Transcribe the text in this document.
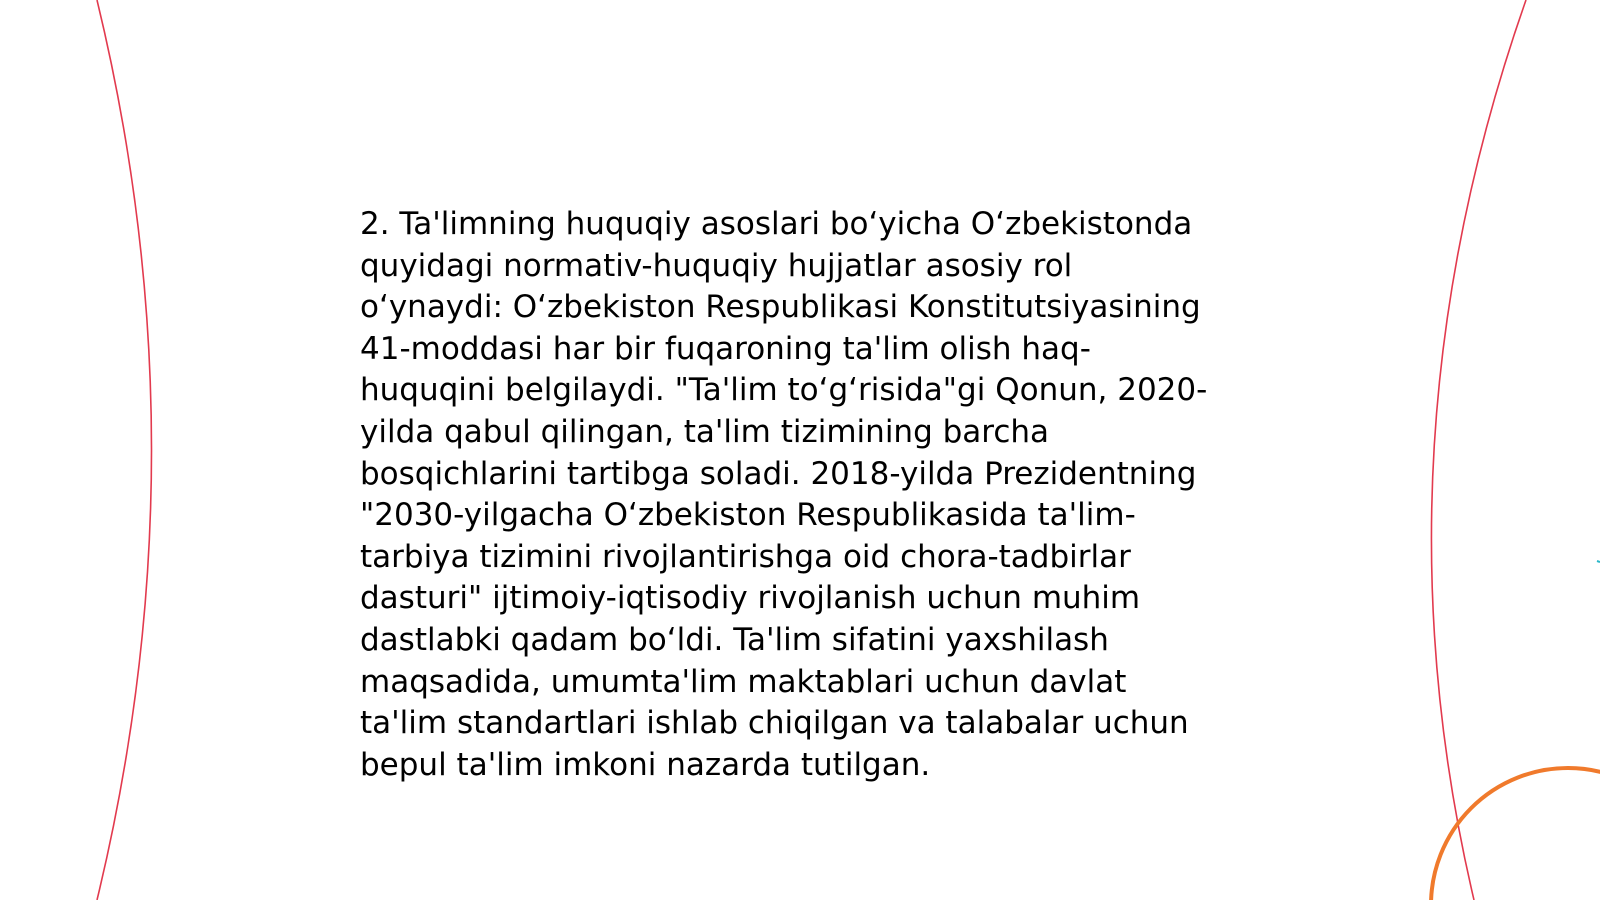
2. Ta'limning huquqiy asoslari bo‘yicha O‘zbekistonda
quyidagi normativ-huquqiy hujjatlar asosiy rol
o‘ynaydi: O‘zbekiston Respublikasi Konstitutsiyasining
41-moddasi har bir fuqaroning ta'lim olish haq-
huquqini belgilaydi. "Ta'lim to‘g‘risida"gi Qonun, 2020-
yilda qabul qilingan, ta'lim tizimining barcha
bosqichlarini tartibga soladi. 2018-yilda Prezidentning
"2030-yilgacha O‘zbekiston Respublikasida ta'lim-
tarbiya tizimini rivojlantirishga oid chora-tadbirlar
dasturi" ijtimoiy-iqtisodiy rivojlanish uchun muhim
dastlabki qadam bo‘ldi. Ta'lim sifatini yaxshilash
maqsadida, umumta'lim maktablari uchun davlat
ta'lim standartlari ishlab chiqilgan va talabalar uchun
bepul ta'lim imkoni nazarda tutilgan.
